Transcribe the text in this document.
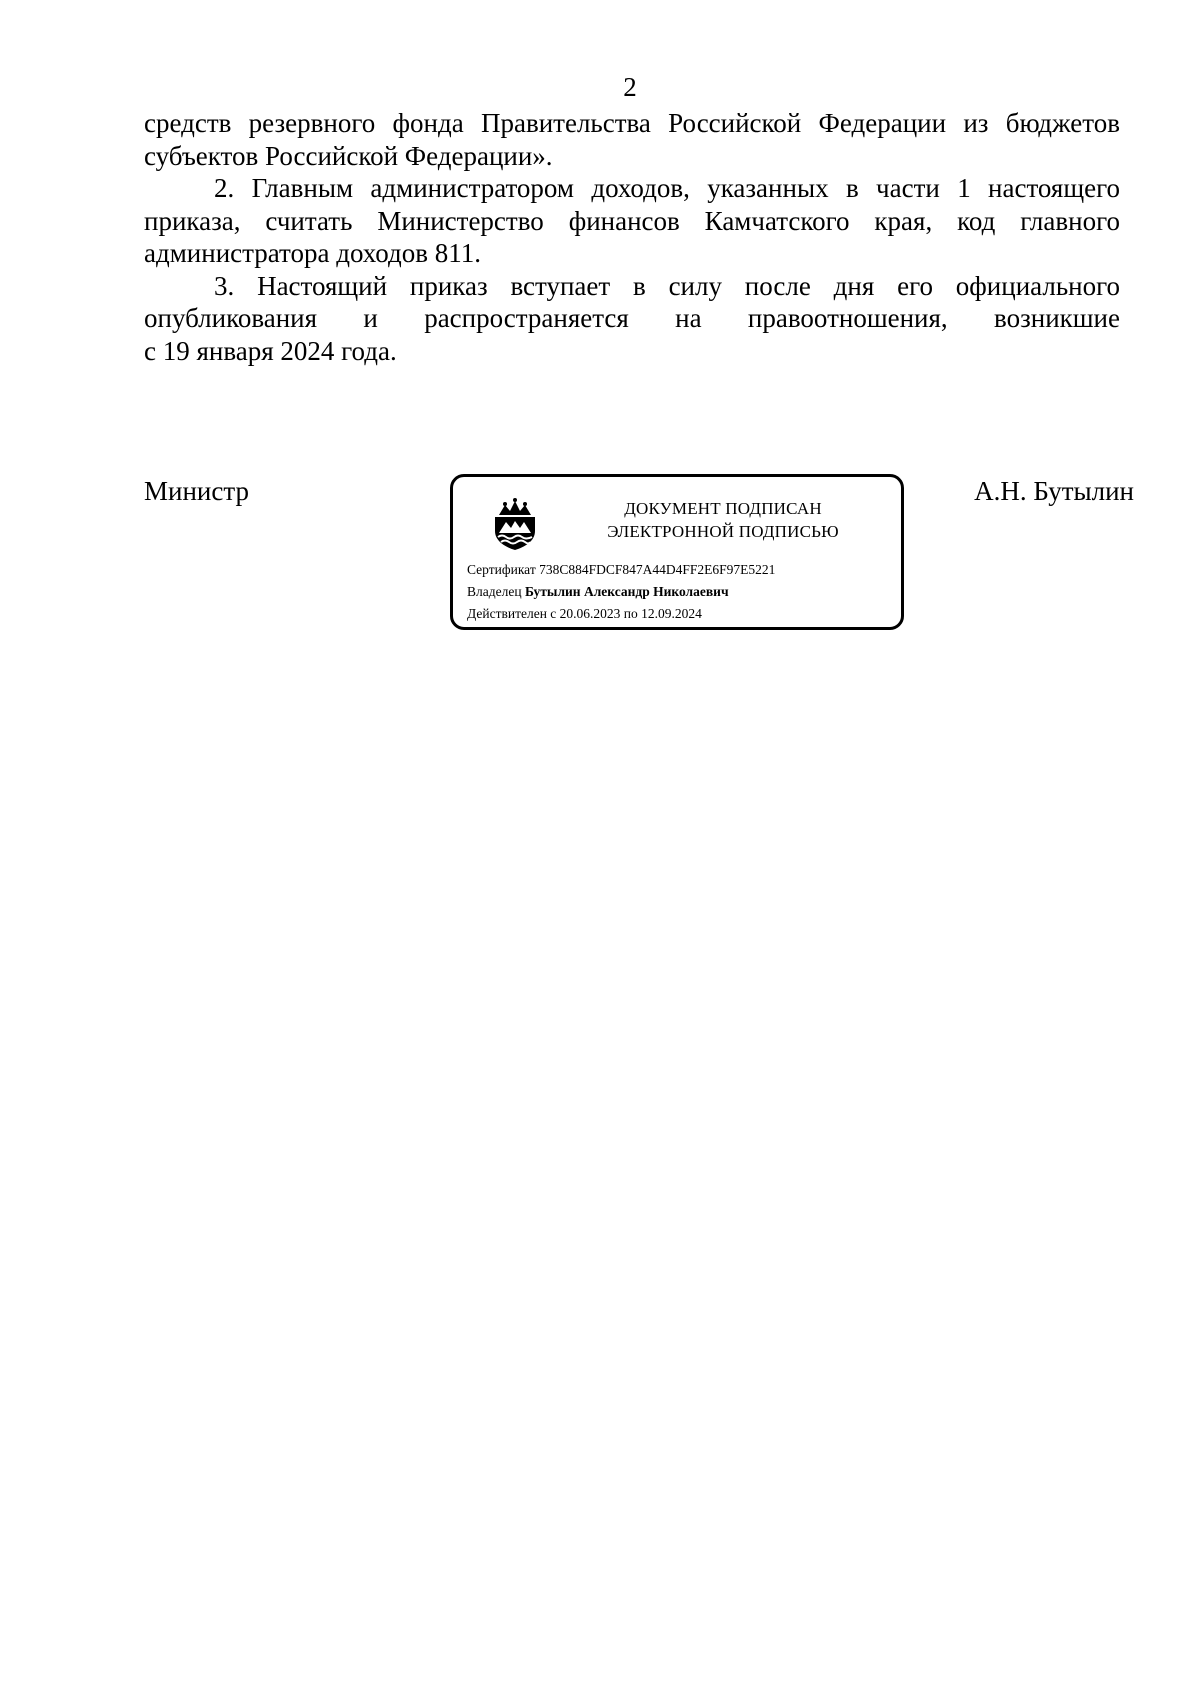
2

средств резервного фонда Правительства Российской Федерации из бюджетов
субъектов Российской Федерации».

2. Главным администратором доходов, указанных в части 1 настоящего
приказа, считать Министерство финансов Камчатского края, код главного
администратора доходов 811.

3. Настоящий приказ вступает в силу после дня его официального
опубликования и распространяется на правоотношения, возникшие
с 19 января 2024 года.

Министр
ДОКУМЕНТ ПОДПИСАН
ЭЛЕКТРОННОЙ ПОДПИСЬЮ
Сертификат 738C884FDCF847A44D4FF2E6F97E5221
Владелец Бутылин Александр Николаевич
Действителен с 20.06.2023 по 12.09.2024
А.Н. Бутылин
